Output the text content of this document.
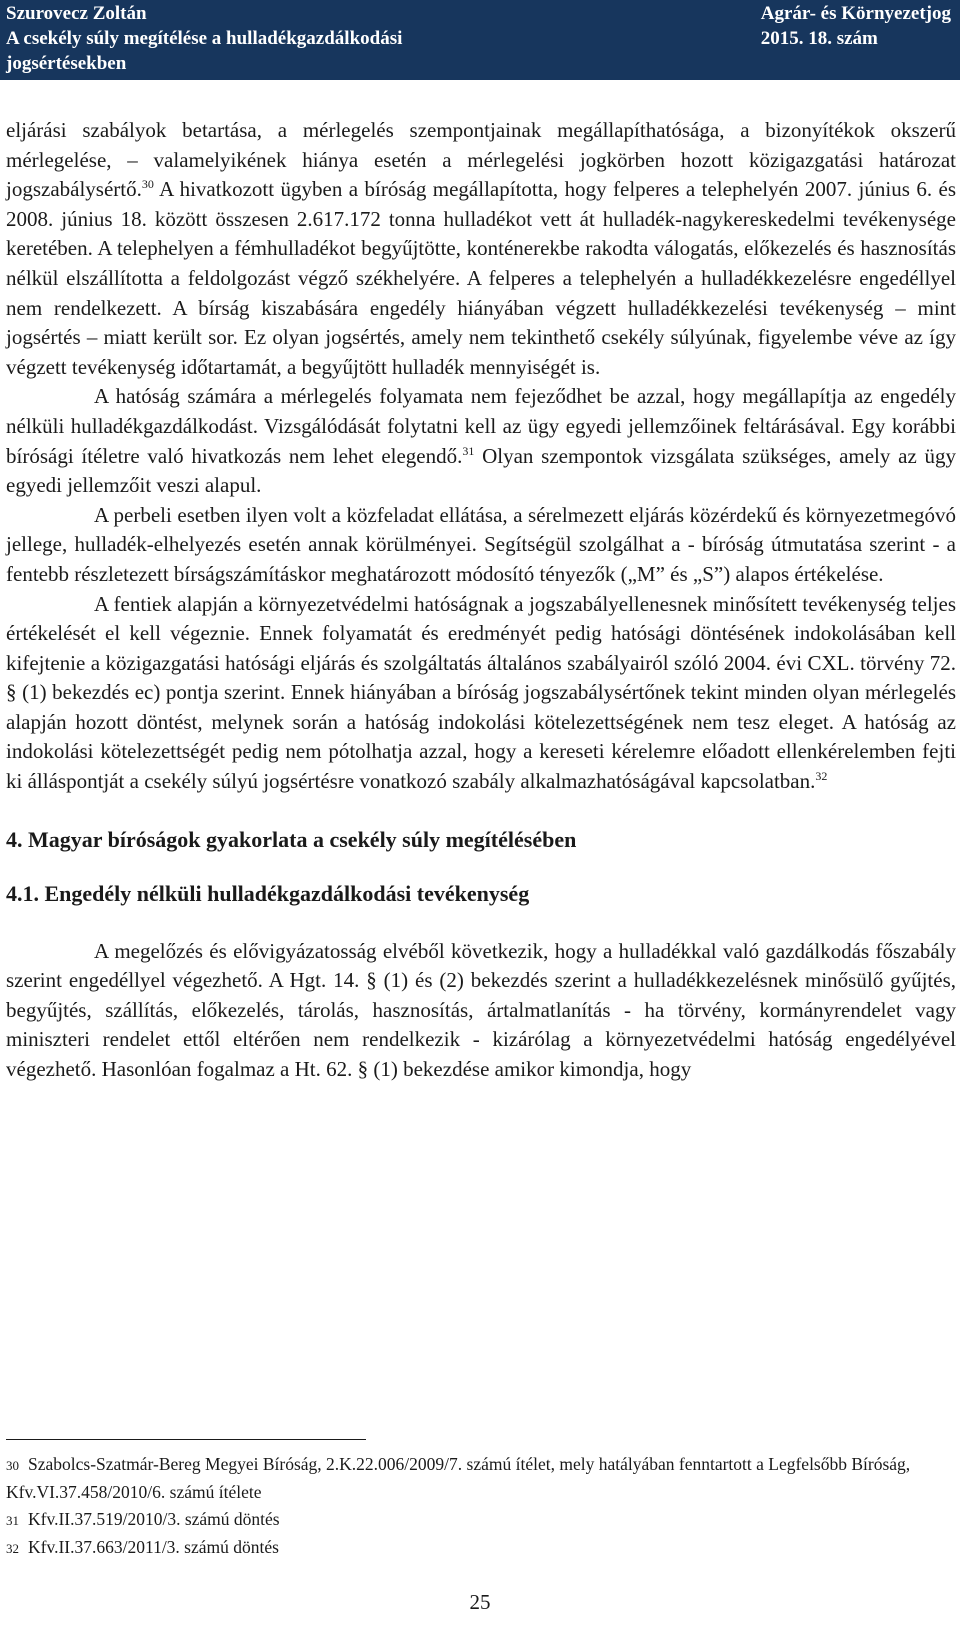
Szurovecz Zoltán
A csekély súly megítélése a hulladékgazdálkodási
jogsértésekben
Agrár- és Környezetjog
2015. 18. szám

eljárási szabályok betartása, a mérlegelés szempontjainak megállapíthatósága, a bizonyítékok okszerű mérlegelése, – valamelyikének hiánya esetén a mérlegelési jogkörben hozott közigazgatási határozat jogszabálysértő.$^{30}$ A hivatkozott ügyben a bíróság megállapította, hogy felperes a telephelyén 2007. június 6. és 2008. június 18. között összesen 2.617.172 tonna hulladékot vett át hulladék-nagykereskedelmi tevékenysége keretében. A telephelyen a fémhulladékot begyűjtötte, konténerekbe rakodta válogatás, előkezelés és hasznosítás nélkül elszállította a feldolgozást végző székhelyére. A felperes a telephelyén a hulladékkezelésre engedéllyel nem rendelkezett. A bírság kiszabására engedély hiányában végzett hulladékkezelési tevékenység – mint jogsértés – miatt került sor. Ez olyan jogsértés, amely nem tekinthető csekély súlyúnak, figyelembe véve az így végzett tevékenység időtartamát, a begyűjtött hulladék mennyiségét is.

A hatóság számára a mérlegelés folyamata nem fejeződhet be azzal, hogy megállapítja az engedély nélküli hulladékgazdálkodást. Vizsgálódását folytatni kell az ügy egyedi jellemzőinek feltárásával. Egy korábbi bírósági ítéletre való hivatkozás nem lehet elegendő.$^{31}$ Olyan szempontok vizsgálata szükséges, amely az ügy egyedi jellemzőit veszi alapul.

A perbeli esetben ilyen volt a közfeladat ellátása, a sérelmezett eljárás közérdekű és környezetmegóvó jellege, hulladék-elhelyezés esetén annak körülményei. Segítségül szolgálhat a - bíróság útmutatása szerint - a fentebb részletezett bírságszámításkor meghatározott módosító tényezők („M” és „S”) alapos értékelése.

A fentiek alapján a környezetvédelmi hatóságnak a jogszabályellenesnek minősített tevékenység teljes értékelését el kell végeznie. Ennek folyamatát és eredményét pedig hatósági döntésének indokolásában kell kifejtenie a közigazgatási hatósági eljárás és szolgáltatás általános szabályairól szóló 2004. évi CXL. törvény 72. § (1) bekezdés ec) pontja szerint. Ennek hiányában a bíróság jogszabálysértőnek tekint minden olyan mérlegelés alapján hozott döntést, melynek során a hatóság indokolási kötelezettségének nem tesz eleget. A hatóság az indokolási kötelezettségét pedig nem pótolhatja azzal, hogy a kereseti kérelemre előadott ellenkérelemben fejti ki álláspontját a csekély súlyú jogsértésre vonatkozó szabály alkalmazhatóságával kapcsolatban.$^{32}$

4. Magyar bíróságok gyakorlata a csekély súly megítélésében
4.1. Engedély nélküli hulladékgazdálkodási tevékenység

A megelőzés és elővigyázatosság elvéből következik, hogy a hulladékkal való gazdálkodás főszabály szerint engedéllyel végezhető. A Hgt. 14. § (1) és (2) bekezdés szerint a hulladékkezelésnek minősülő gyűjtés, begyűjtés, szállítás, előkezelés, tárolás, hasznosítás, ártalmatlanítás - ha törvény, kormányrendelet vagy miniszteri rendelet ettől eltérően nem rendelkezik - kizárólag a környezetvédelmi hatóság engedélyével végezhető. Hasonlóan fogalmaz a Ht. 62. § (1) bekezdése amikor kimondja, hogy

30 Szabolcs-Szatmár-Bereg Megyei Bíróság, 2.K.22.006/2009/7. számú ítélet, mely hatályában fenntartott a Legfelsőbb Bíróság, Kfv.VI.37.458/2010/6. számú ítélete

31 Kfv.II.37.519/2010/3. számú döntés

32 Kfv.II.37.663/2011/3. számú döntés

25
